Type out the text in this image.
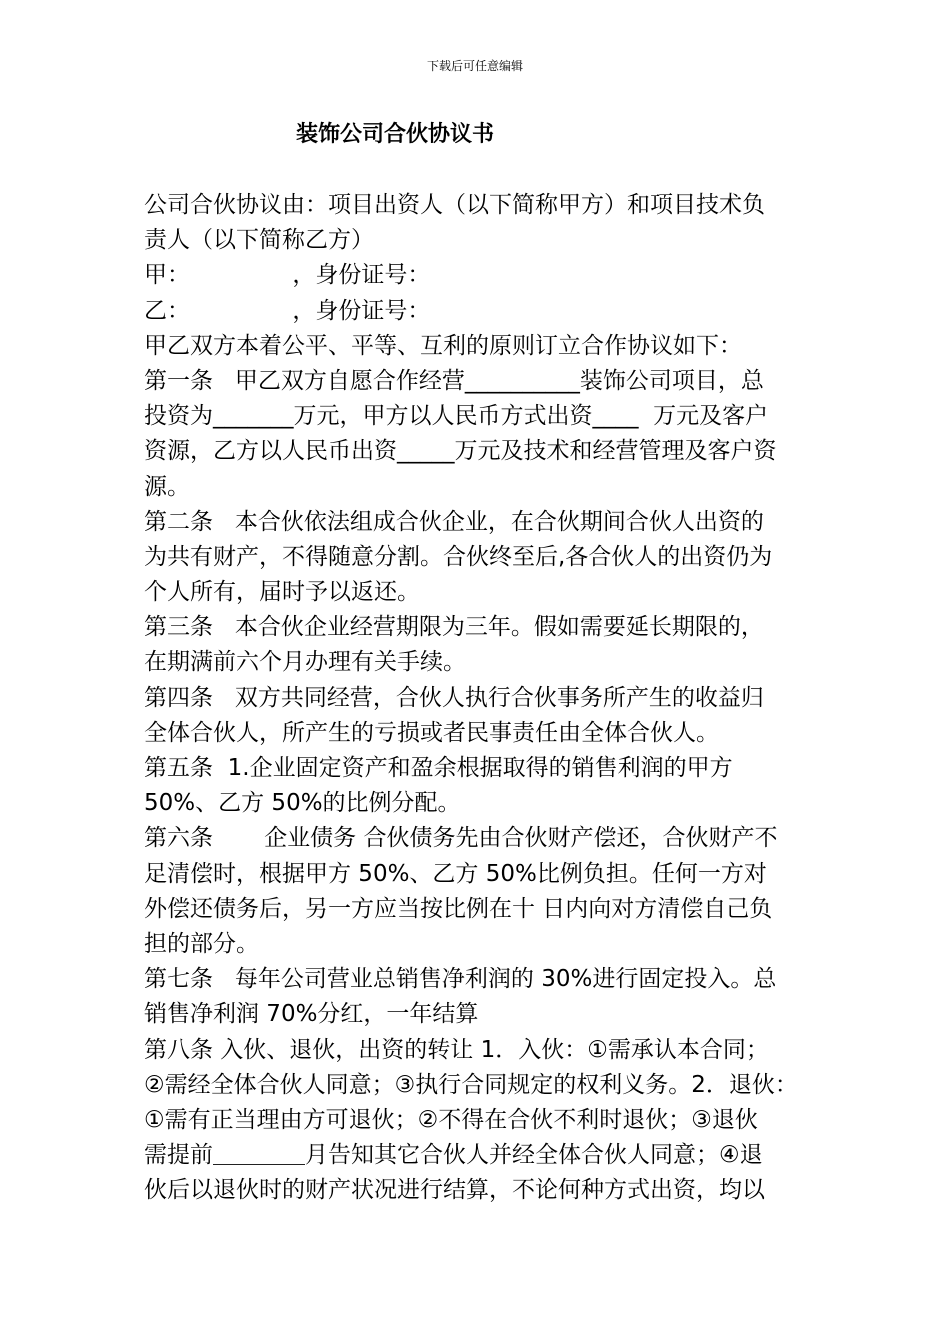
下载后可任意编辑
装饰公司合伙协议书
公司合伙协议由：项目出资人（以下简称甲方）和项目技术负
责人（以下简称乙方）
甲：              ，身份证号：
乙：              ，身份证号：
甲乙双方本着公平、平等、互利的原则订立合作协议如下：
第一条   甲乙双方自愿合作经营__________装饰公司项目，总
投资为_______万元，甲方以人民币方式出资____  万元及客户
资源，乙方以人民币出资_____万元及技术和经营管理及客户资
源。
第二条   本合伙依法组成合伙企业，在合伙期间合伙人出资的
为共有财产，不得随意分割。合伙终至后,各合伙人的出资仍为
个人所有，届时予以返还。
第三条   本合伙企业经营期限为三年。假如需要延长期限的，
在期满前六个月办理有关手续。
第四条   双方共同经营，合伙人执行合伙事务所产生的收益归
全体合伙人，所产生的亏损或者民事责任由全体合伙人。
第五条  1.企业固定资产和盈余根据取得的销售利润的甲方
50%、乙方 50%的比例分配。
第六条       企业债务 合伙债务先由合伙财产偿还，合伙财产不
足清偿时，根据甲方 50%、乙方 50%比例负担。任何一方对
外偿还债务后，另一方应当按比例在十 日内向对方清偿自己负
担的部分。
第七条   每年公司营业总销售净利润的 30%进行固定投入。总
销售净利润 70%分红，一年结算
第八条 入伙、退伙，出资的转让 1．入伙：①需承认本合同；
②需经全体合伙人同意；③执行合同规定的权利义务。2．退伙：
①需有正当理由方可退伙；②不得在合伙不利时退伙；③退伙
需提前＿＿＿＿月告知其它合伙人并经全体合伙人同意；④退
伙后以退伙时的财产状况进行结算，不论何种方式出资，均以
